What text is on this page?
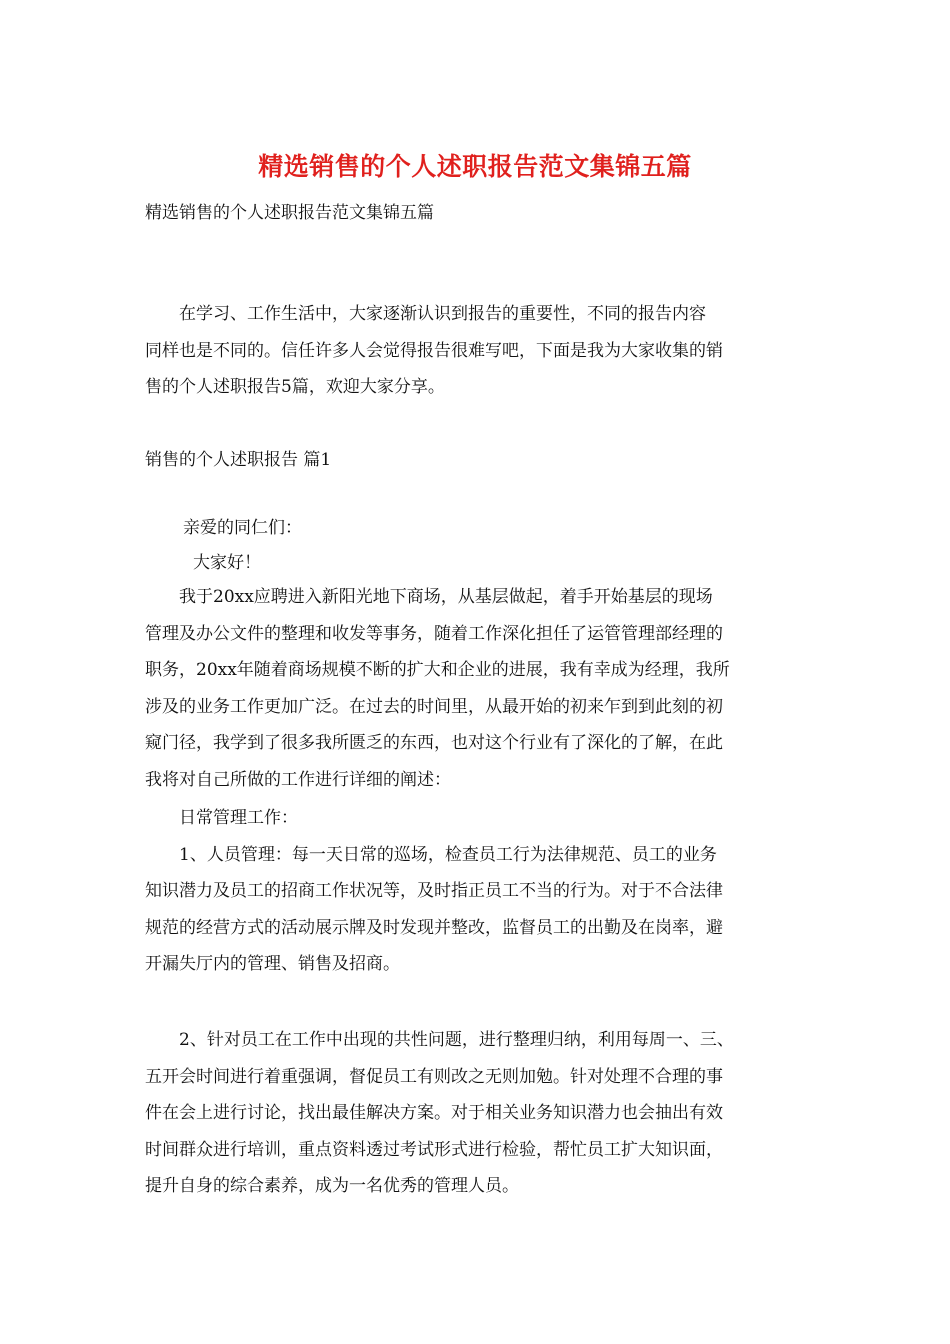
精选销售的个人述职报告范文集锦五篇
精选销售的个人述职报告范文集锦五篇
　　在学习、工作生活中，大家逐渐认识到报告的重要性，不同的报告内容
同样也是不同的。信任许多人会觉得报告很难写吧，下面是我为大家收集的销
售的个人述职报告5篇，欢迎大家分享。
销售的个人述职报告 篇1
亲爱的同仁们：
大家好！
　　我于20xx应聘进入新阳光地下商场，从基层做起，着手开始基层的现场
管理及办公文件的整理和收发等事务，随着工作深化担任了运管管理部经理的
职务，20xx年随着商场规模不断的扩大和企业的进展，我有幸成为经理，我所
涉及的业务工作更加广泛。在过去的时间里，从最开始的初来乍到到此刻的初
窥门径，我学到了很多我所匮乏的东西，也对这个行业有了深化的了解，在此
我将对自己所做的工作进行详细的阐述：
　　日常管理工作：
　　1、人员管理：每一天日常的巡场，检查员工行为法律规范、员工的业务
知识潜力及员工的招商工作状况等，及时指正员工不当的行为。对于不合法律
规范的经营方式的活动展示牌及时发现并整改，监督员工的出勤及在岗率，避
开漏失厅内的管理、销售及招商。
　　2、针对员工在工作中出现的共性问题，进行整理归纳，利用每周一、三、
五开会时间进行着重强调，督促员工有则改之无则加勉。针对处理不合理的事
件在会上进行讨论，找出最佳解决方案。对于相关业务知识潜力也会抽出有效
时间群众进行培训，重点资料透过考试形式进行检验，帮忙员工扩大知识面，
提升自身的综合素养，成为一名优秀的管理人员。
